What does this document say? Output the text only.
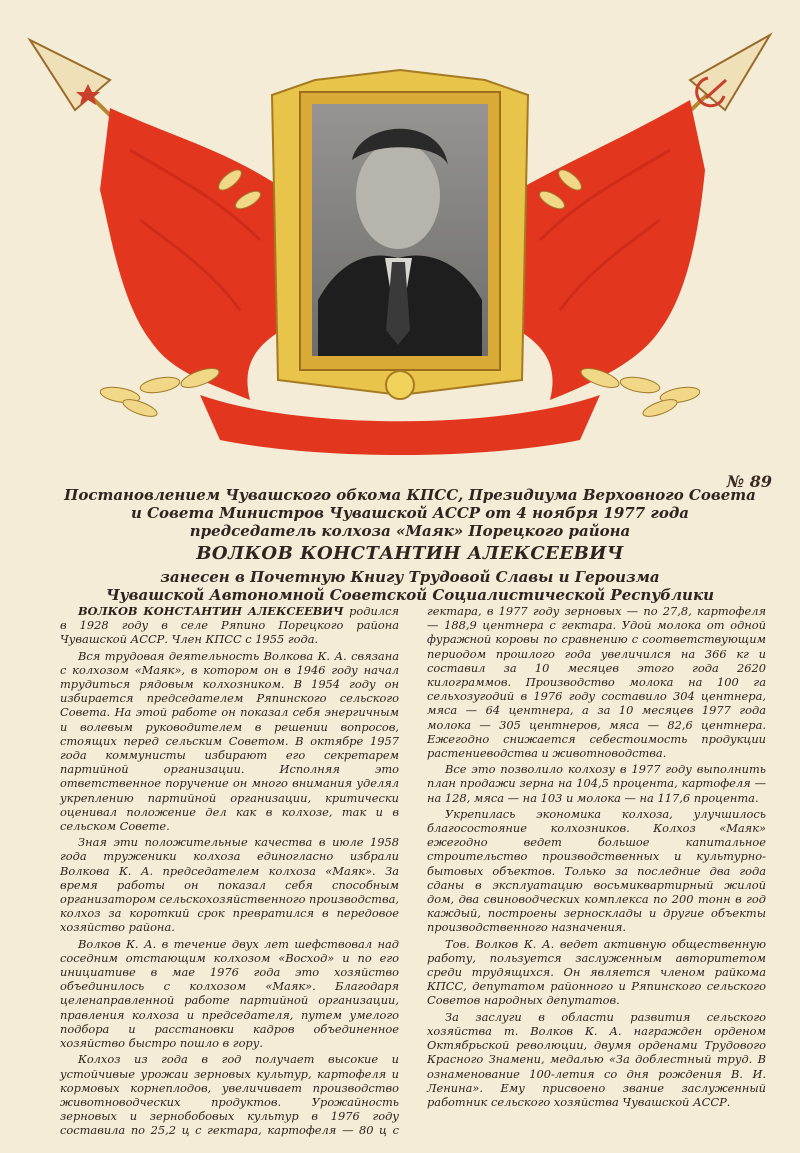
№ 89
Постановлением Чувашского обкома КПСС, Президиума Верховного Совета
и Совета Министров Чувашской АССР от 4 ноября 1977 года
председатель колхоза «Маяк» Порецкого района
ВОЛКОВ КОНСТАНТИН АЛЕКСЕЕВИЧ
занесен в Почетную Книгу Трудовой Славы и Героизма
Чувашской Автономной Советской Социалистической Республики

ВОЛКОВ КОНСТАНТИН АЛЕКСЕЕВИЧ родился в 1928 году в селе Ряпино Порецкого района Чувашской АССР. Член КПСС с 1955 года.

Вся трудовая деятельность Волкова К. А. связана с колхозом «Маяк», в котором он в 1946 году начал трудиться рядовым колхозником. В 1954 году он избирается председателем Ряпинского сельского Совета. На этой работе он показал себя энергичным и волевым руководителем в решении вопросов, стоящих перед сельским Советом. В октябре 1957 года коммунисты избирают его секретарем партийной организации. Исполняя это ответственное поручение он много внимания уделял укреплению партийной организации, критически оценивал положение дел как в колхозе, так и в сельском Совете.

Зная эти положительные качества в июле 1958 года труженики колхоза единогласно избрали Волкова К. А. председателем колхоза «Маяк». За время работы он показал себя способным организатором сельскохозяйственного производства, колхоз за короткий срок превратился в передовое хозяйство района.

Волков К. А. в течение двух лет шефствовал над соседним отстающим колхозом «Восход» и по его инициативе в мае 1976 года это хозяйство объединилось с колхозом «Маяк». Благодаря целенаправленной работе партийной организации, правления колхоза и председателя, путем умелого подбора и расстановки кадров объединенное хозяйство быстро пошло в гору.

Колхоз из года в год получает высокие и устойчивые урожаи зерновых культур, картофеля и кормовых корнеплодов, увеличивает производство животноводческих продуктов. Урожайность зерновых и зернобобовых культур в 1976 году составила по 25,2 ц с гектара, картофеля — 80 ц с гектара, в 1977 году зерновых — по 27,8, картофеля — 188,9 центнера с гектара. Удой молока от одной фуражной коровы по сравнению с соответствующим периодом прошлого года увеличился на 366 кг и составил за 10 месяцев этого года 2620 килограммов. Производство молока на 100 га сельхозугодий в 1976 году составило 304 центнера, мяса — 64 центнера, а за 10 месяцев 1977 года молока — 305 центнеров, мяса — 82,6 центнера. Ежегодно снижается себестоимость продукции растениеводства и животноводства.

Все это позволило колхозу в 1977 году выполнить план продажи зерна на 104,5 процента, картофеля — на 128, мяса — на 103 и молока — на 117,6 процента.

Укрепилась экономика колхоза, улучшилось благосостояние колхозников. Колхоз «Маяк» ежегодно ведет большое капитальное строительство производственных и культурно-бытовых объектов. Только за последние два года сданы в эксплуатацию восьмиквартирный жилой дом, два свиноводческих комплекса по 200 тонн в год каждый, построены зерносклады и другие объекты производственного назначения.

Тов. Волков К. А. ведет активную общественную работу, пользуется заслуженным авторитетом среди трудящихся. Он является членом райкома КПСС, депутатом районного и Ряпинского сельского Советов народных депутатов.

За заслуги в области развития сельского хозяйства т. Волков К. А. награжден орденом Октябрьской революции, двумя орденами Трудового Красного Знамени, медалью «За доблестный труд. В ознаменование 100-летия со дня рождения В. И. Ленина». Ему присвоено звание заслуженный работник сельского хозяйства Чувашской АССР.
